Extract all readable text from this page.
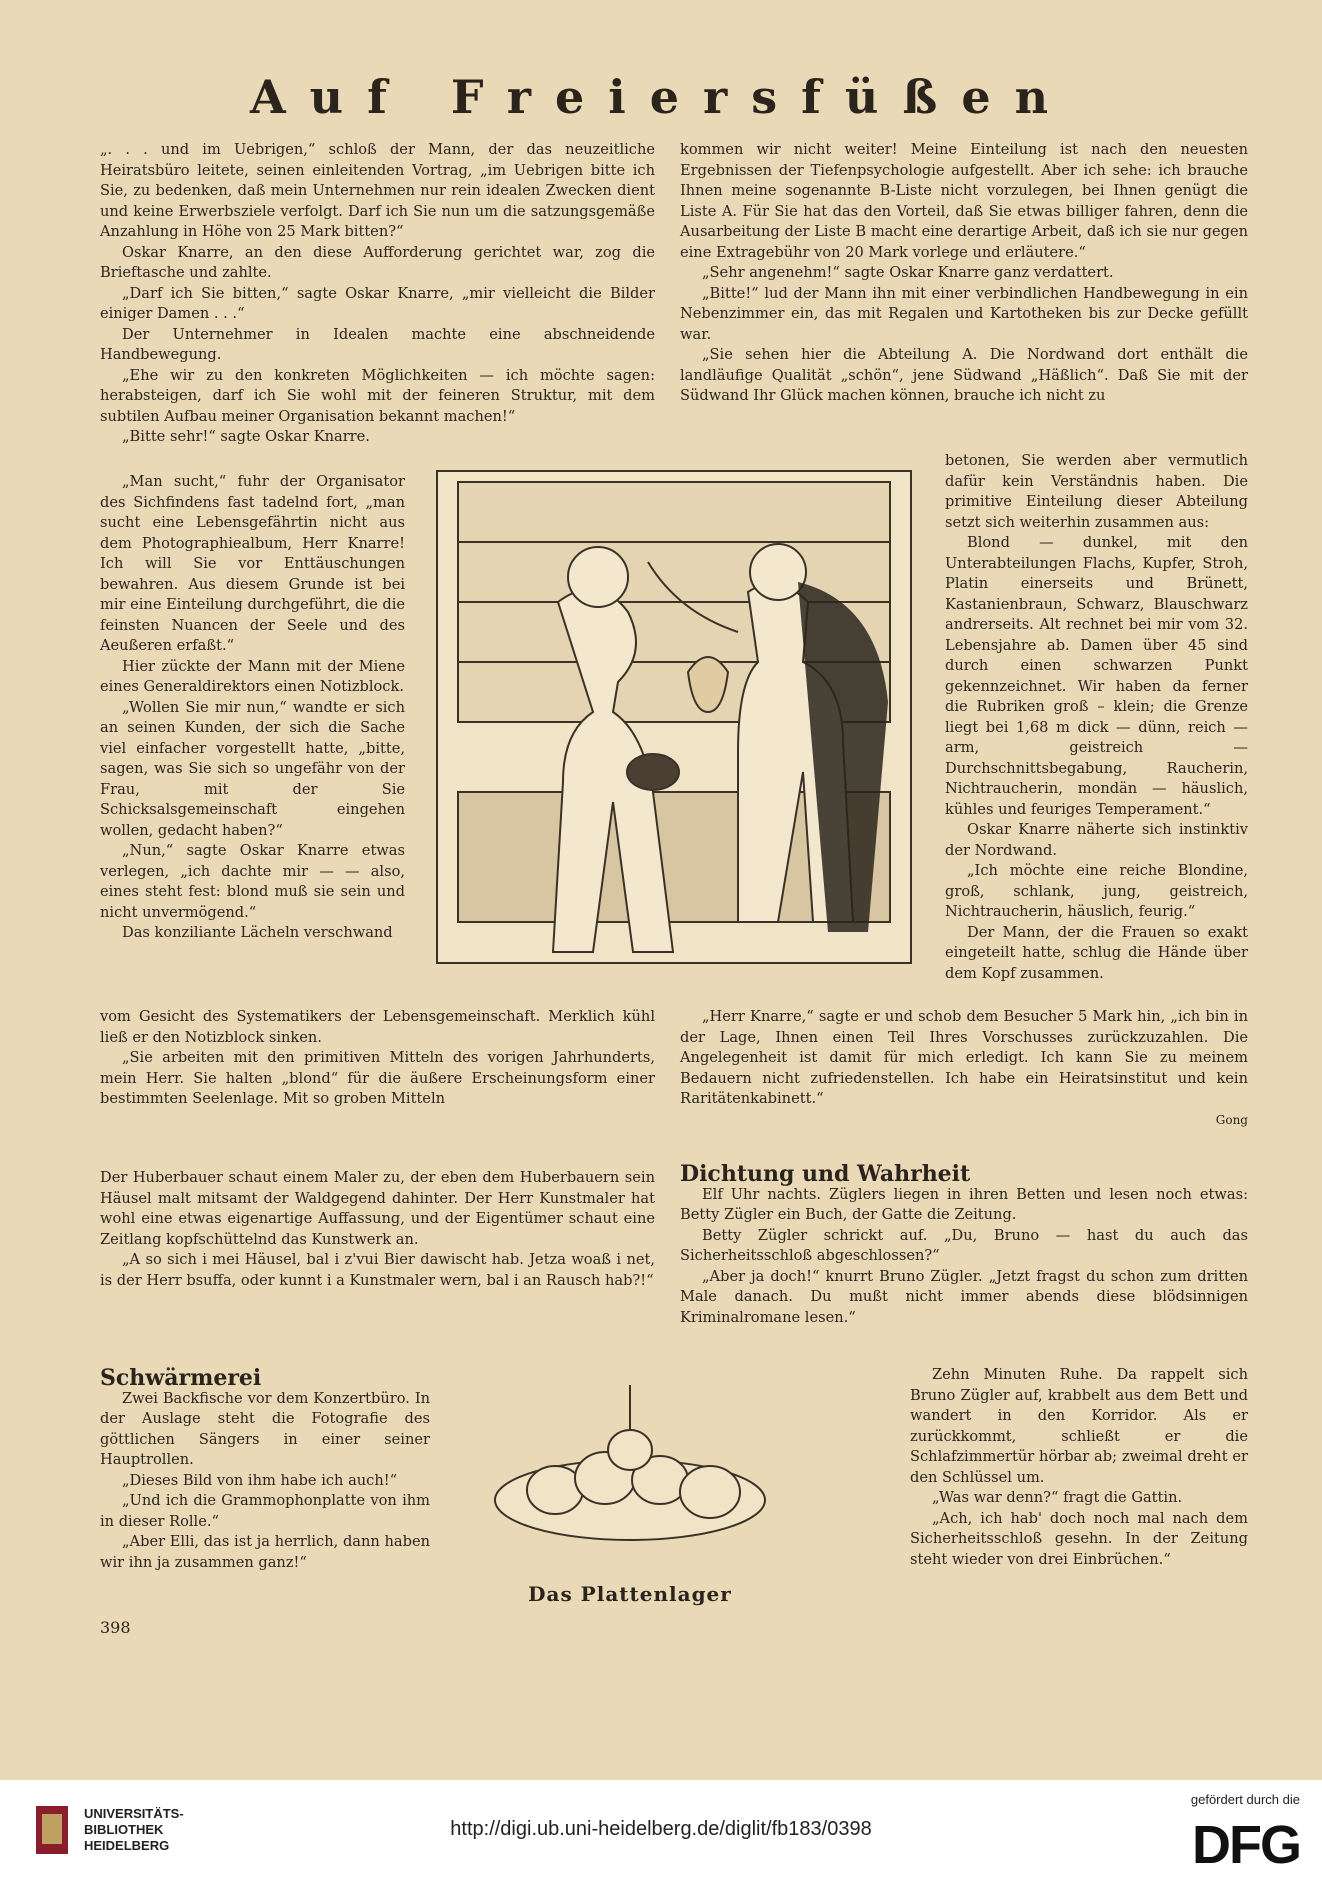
Auf Freiersfüßen

„. . . und im Uebrigen,“ schloß der Mann, der das neuzeitliche Heiratsbüro leitete, seinen einleitenden Vortrag, „im Uebrigen bitte ich Sie, zu bedenken, daß mein Unternehmen nur rein idealen Zwecken dient und keine Erwerbsziele verfolgt. Darf ich Sie nun um die satzungsgemäße Anzahlung in Höhe von 25 Mark bitten?“

Oskar Knarre, an den diese Aufforderung gerichtet war, zog die Brieftasche und zahlte.

„Darf ich Sie bitten,“ sagte Oskar Knarre, „mir vielleicht die Bilder einiger Damen . . .“

Der Unternehmer in Idealen machte eine abschneidende Handbewegung.

„Ehe wir zu den konkreten Möglichkeiten — ich möchte sagen: herabsteigen, darf ich Sie wohl mit der feineren Struktur, mit dem subtilen Aufbau meiner Organisation bekannt machen!“

„Bitte sehr!“ sagte Oskar Knarre.

„Man sucht,“ fuhr der Organisator des Sichfindens fast tadelnd fort, „man sucht eine Lebensgefährtin nicht aus dem Photographiealbum, Herr Knarre! Ich will Sie vor Enttäuschungen bewahren. Aus diesem Grunde ist bei mir eine Einteilung durchgeführt, die die feinsten Nuancen der Seele und des Aeußeren erfaßt.“

Hier zückte der Mann mit der Miene eines Generaldirektors einen Notizblock.

„Wollen Sie mir nun,“ wandte er sich an seinen Kunden, der sich die Sache viel einfacher vorgestellt hatte, „bitte, sagen, was Sie sich so ungefähr von der Frau, mit der Sie Schicksalsgemeinschaft eingehen wollen, gedacht haben?“

„Nun,“ sagte Oskar Knarre etwas verlegen, „ich dachte mir — — also, eines steht fest: blond muß sie sein und nicht unvermögend.“

Das konziliante Lächeln verschwand

vom Gesicht des Systematikers der Lebensgemeinschaft. Merklich kühl ließ er den Notizblock sinken.

„Sie arbeiten mit den primitiven Mitteln des vorigen Jahrhunderts, mein Herr. Sie halten „blond“ für die äußere Erscheinungsform einer bestimmten Seelenlage. Mit so groben Mitteln

kommen wir nicht weiter! Meine Einteilung ist nach den neuesten Ergebnissen der Tiefenpsychologie aufgestellt. Aber ich sehe: ich brauche Ihnen meine sogenannte B-Liste nicht vorzulegen, bei Ihnen genügt die Liste A. Für Sie hat das den Vorteil, daß Sie etwas billiger fahren, denn die Ausarbeitung der Liste B macht eine derartige Arbeit, daß ich sie nur gegen eine Extragebühr von 20 Mark vorlege und erläutere.“

„Sehr angenehm!“ sagte Oskar Knarre ganz verdattert.

„Bitte!“ lud der Mann ihn mit einer verbindlichen Handbewegung in ein Nebenzimmer ein, das mit Regalen und Kartotheken bis zur Decke gefüllt war.

„Sie sehen hier die Abteilung A. Die Nordwand dort enthält die landläufige Qualität „schön“, jene Südwand „Häßlich“. Daß Sie mit der Südwand Ihr Glück machen können, brauche ich nicht zu

betonen, Sie werden aber vermutlich dafür kein Verständnis haben. Die primitive Einteilung dieser Abteilung setzt sich weiterhin zusammen aus:

Blond — dunkel, mit den Unterabteilungen Flachs, Kupfer, Stroh, Platin einerseits und Brünett, Kastanienbraun, Schwarz, Blauschwarz andrerseits. Alt rechnet bei mir vom 32. Lebensjahre ab. Damen über 45 sind durch einen schwarzen Punkt gekennzeichnet. Wir haben da ferner die Rubriken groß – klein; die Grenze liegt bei 1,68 m dick — dünn, reich — arm, geistreich — Durchschnittsbegabung, Raucherin, Nichtraucherin, mondän — häuslich, kühles und feuriges Temperament.“

Oskar Knarre näherte sich instinktiv der Nordwand.

„Ich möchte eine reiche Blondine, groß, schlank, jung, geistreich, Nichtraucherin, häuslich, feurig.“

Der Mann, der die Frauen so exakt eingeteilt hatte, schlug die Hände über dem Kopf zusammen.

„Herr Knarre,“ sagte er und schob dem Besucher 5 Mark hin, „ich bin in der Lage, Ihnen einen Teil Ihres Vorschusses zurückzuzahlen. Die Angelegenheit ist damit für mich erledigt. Ich kann Sie zu meinem Bedauern nicht zufriedenstellen. Ich habe ein Heiratsinstitut und kein Raritätenkabinett.“

Gong

Der Huberbauer schaut einem Maler zu, der eben dem Huberbauern sein Häusel malt mitsamt der Waldgegend dahinter. Der Herr Kunstmaler hat wohl eine etwas eigenartige Auffassung, und der Eigentümer schaut eine Zeitlang kopfschüttelnd das Kunstwerk an.

„A so sich i mei Häusel, bal i z'vui Bier dawischt hab. Jetza woaß i net, is der Herr bsuffa, oder kunnt i a Kunstmaler wern, bal i an Rausch hab?!“

Schwärmerei

Zwei Backfische vor dem Konzertbüro. In der Auslage steht die Fotografie des göttlichen Sängers in einer seiner Hauptrollen.

„Dieses Bild von ihm habe ich auch!“

„Und ich die Grammophonplatte von ihm in dieser Rolle.“

„Aber Elli, das ist ja herrlich, dann haben wir ihn ja zusammen ganz!“

398
Das Plattenlager

Dichtung und Wahrheit

Elf Uhr nachts. Züglers liegen in ihren Betten und lesen noch etwas: Betty Zügler ein Buch, der Gatte die Zeitung.

Betty Zügler schrickt auf. „Du, Bruno — hast du auch das Sicherheitsschloß abgeschlossen?“

„Aber ja doch!“ knurrt Bruno Zügler. „Jetzt fragst du schon zum dritten Male danach. Du mußt nicht immer abends diese blödsinnigen Kriminalromane lesen.“

Zehn Minuten Ruhe. Da rappelt sich Bruno Zügler auf, krabbelt aus dem Bett und wandert in den Korridor. Als er zurückkommt, schließt er die Schlafzimmertür hörbar ab; zweimal dreht er den Schlüssel um.

„Was war denn?“ fragt die Gattin.

„Ach, ich hab' doch noch mal nach dem Sicherheitsschloß gesehn. In der Zeitung steht wieder von drei Einbrüchen.“

UNIVERSITÄTS-
BIBLIOTHEK
HEIDELBERG
http://digi.ub.uni-heidelberg.de/diglit/fb183/0398
gefördert durch die
DFG
